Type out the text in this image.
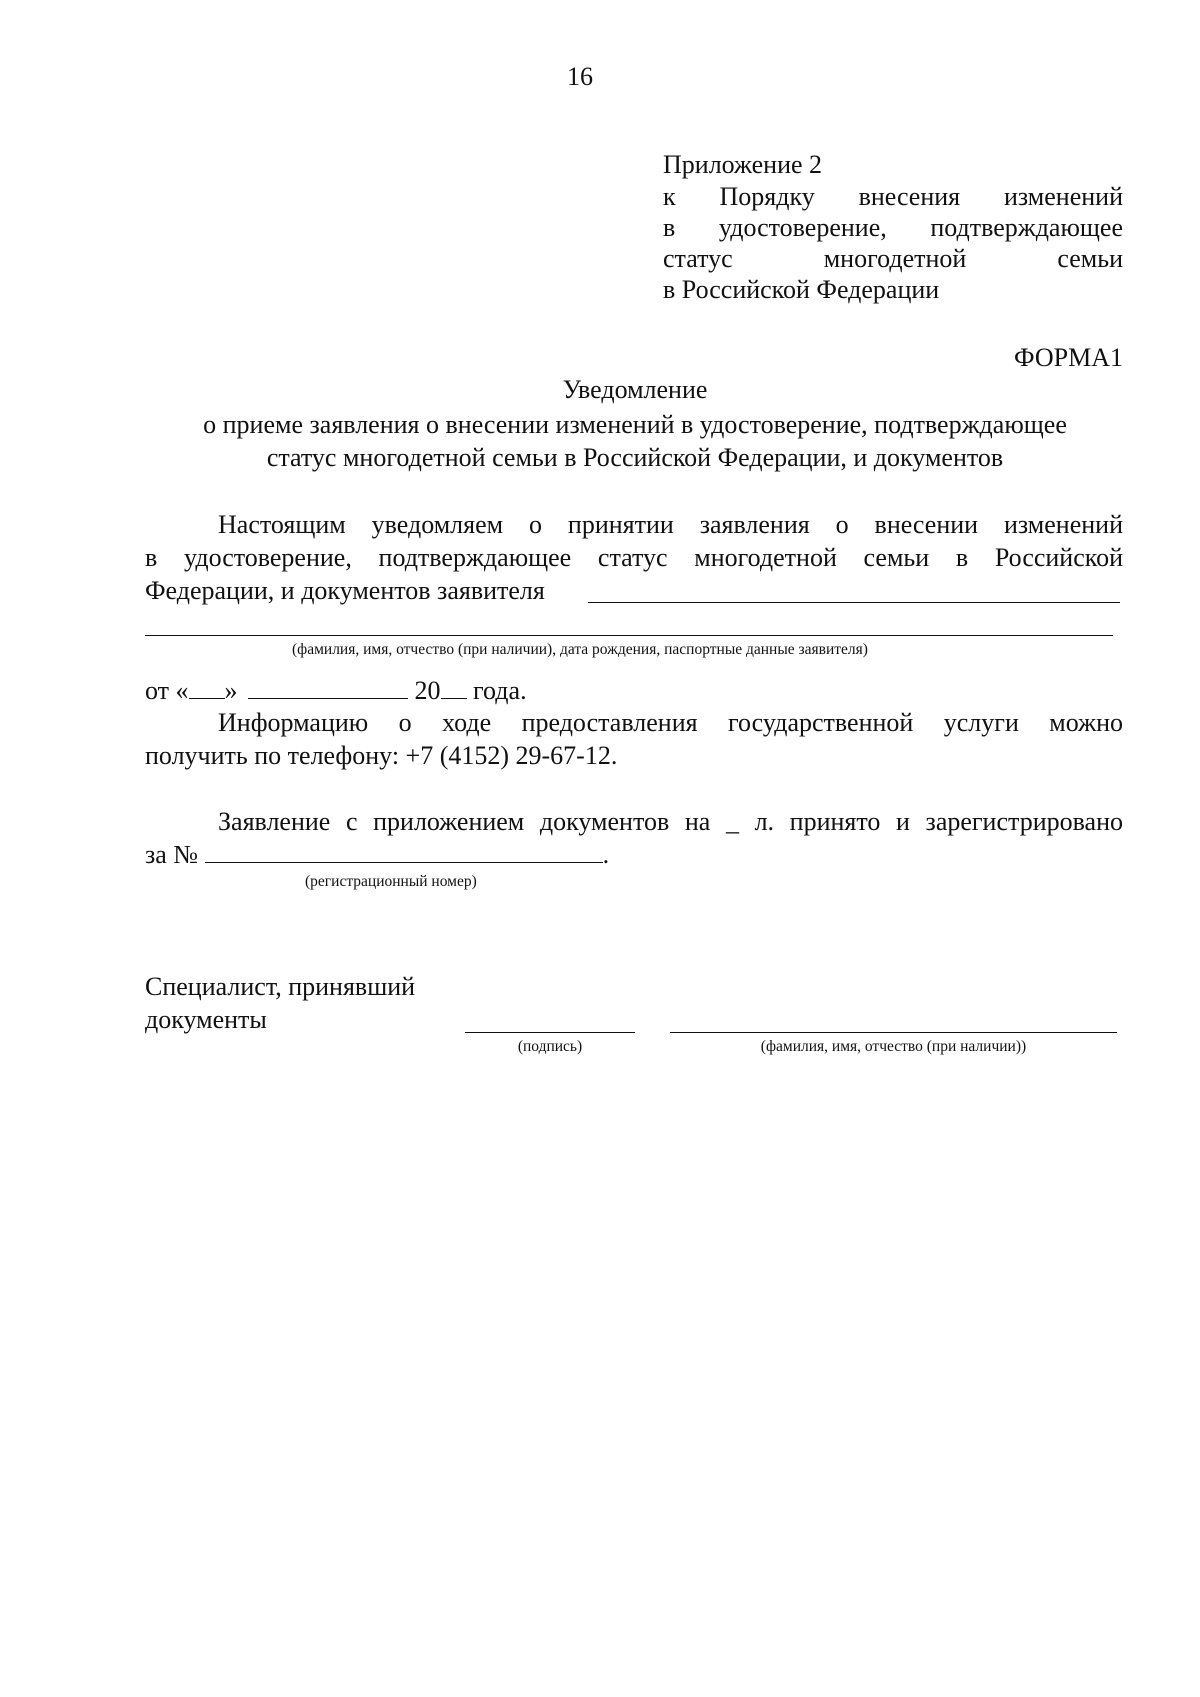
16
Приложение 2
к Порядку внесения изменений
в удостоверение, подтверждающее
статус многодетной семьи
в Российской Федерации
ФОРМА1
Уведомление
о приеме заявления о внесении изменений в удостоверение, подтверждающее
статус многодетной семьи в Российской Федерации, и документов
Настоящим уведомляем о принятии заявления о внесении изменений
в удостоверение, подтверждающее статус многодетной семьи в Российской
Федерации, и документов заявителя
(фамилия, имя, отчество (при наличии), дата рождения, паспортные данные заявителя)
от « »	20 года.
Информацию о ходе предоставления государственной услуги можно
получить по телефону: +7 (4152) 29-67-12.
Заявление с приложением документов на _ л. принято и зарегистрировано
за №	.
(регистрационный номер)
Специалист, принявший
документы
(подпись)	(фамилия, имя, отчество (при наличии))
